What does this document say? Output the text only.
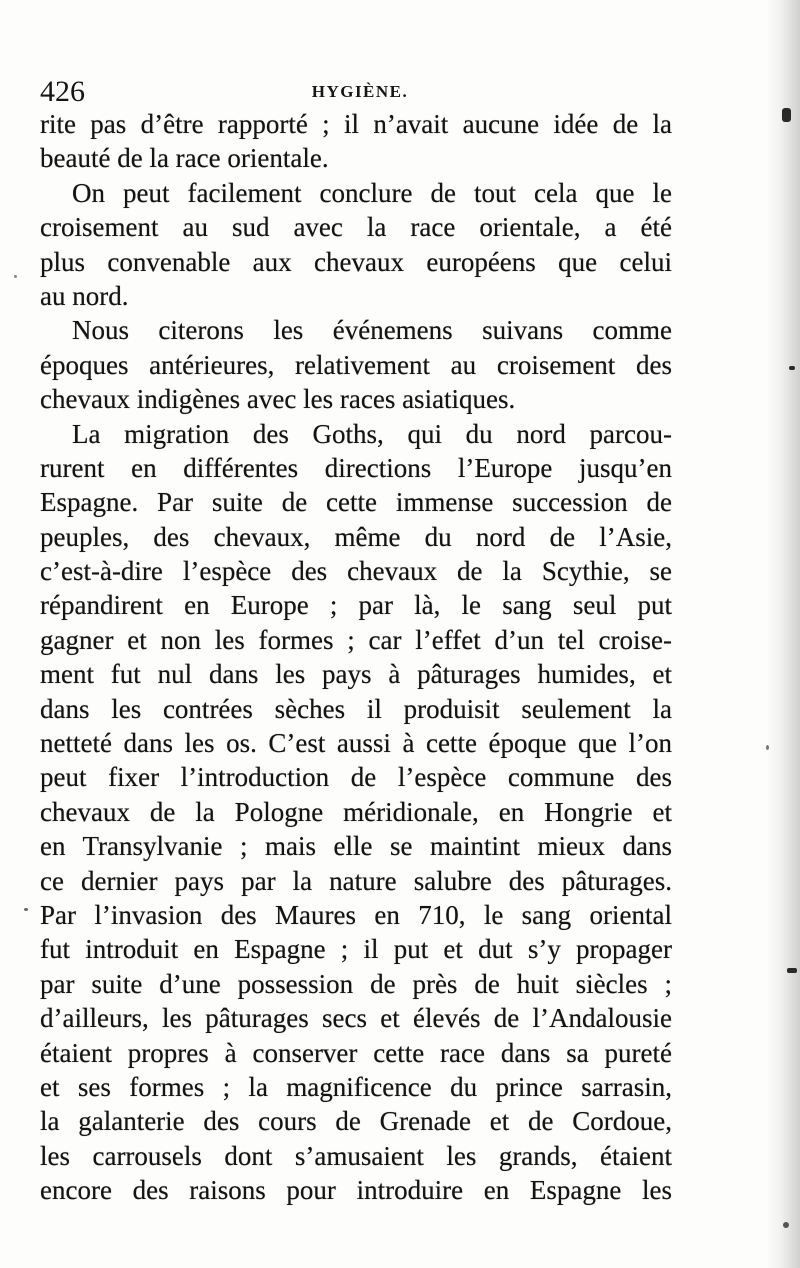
426	HYGIÈNE.
rite pas d’être rapporté ; il n’avait aucune idée de la
beauté de la race orientale.
On peut facilement conclure de tout cela que le
croisement au sud avec la race orientale, a été
plus convenable aux chevaux européens que celui
au nord.
Nous citerons les événemens suivans comme
époques antérieures, relativement au croisement des
chevaux indigènes avec les races asiatiques.
La migration des Goths, qui du nord parcou-
rurent en différentes directions l’Europe jusqu’en
Espagne. Par suite de cette immense succession de
peuples, des chevaux, même du nord de l’Asie,
c’est-à-dire l’espèce des chevaux de la Scythie, se
répandirent en Europe ; par là, le sang seul put
gagner et non les formes ; car l’effet d’un tel croise-
ment fut nul dans les pays à pâturages humides, et
dans les contrées sèches il produisit seulement la
netteté dans les os. C’est aussi à cette époque que l’on
peut fixer l’introduction de l’espèce commune des
chevaux de la Pologne méridionale, en Hongrie et
en Transylvanie ; mais elle se maintint mieux dans
ce dernier pays par la nature salubre des pâturages.
Par l’invasion des Maures en 710, le sang oriental
fut introduit en Espagne ; il put et dut s’y propager
par suite d’une possession de près de huit siècles ;
d’ailleurs, les pâturages secs et élevés de l’Andalousie
étaient propres à conserver cette race dans sa pureté
et ses formes ; la magnificence du prince sarrasin,
la galanterie des cours de Grenade et de Cordoue,
les carrousels dont s’amusaient les grands, étaient
encore des raisons pour introduire en Espagne les
